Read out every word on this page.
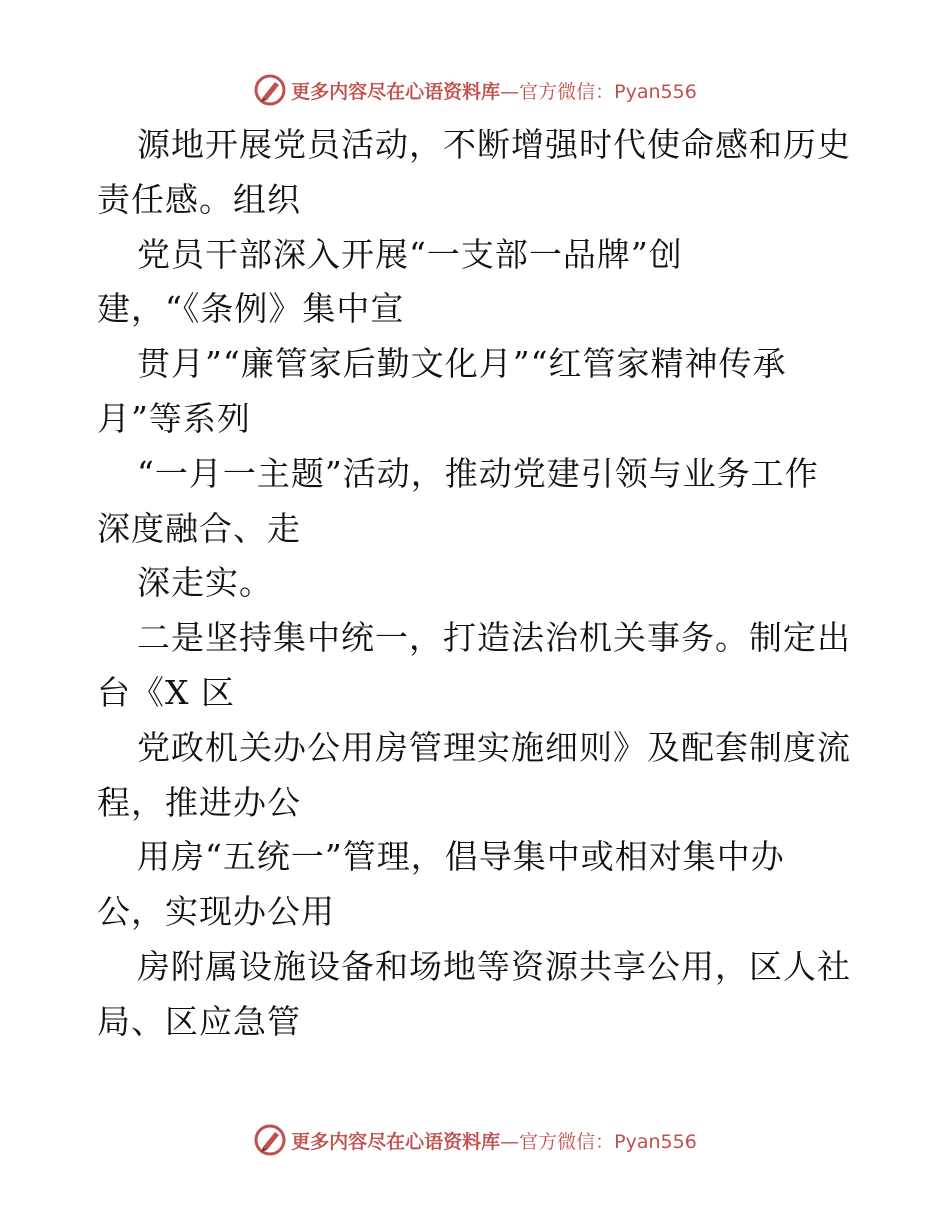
更多内容尽在心语资料库—官方微信：Pyan556
源地开展党员活动，不断增强时代使命感和历史
责任感。组织
党员干部深入开展“一支部一品牌”创
建，“《条例》集中宣
贯月”“廉管家后勤文化月”“红管家精神传承
月”等系列
“一月一主题”活动，推动党建引领与业务工作
深度融合、走
深走实。
二是坚持集中统一，打造法治机关事务。制定出
台《X 区
党政机关办公用房管理实施细则》及配套制度流
程，推进办公
用房“五统一”管理，倡导集中或相对集中办
公，实现办公用
房附属设施设备和场地等资源共享公用，区人社
局、区应急管
更多内容尽在心语资料库—官方微信：Pyan556
